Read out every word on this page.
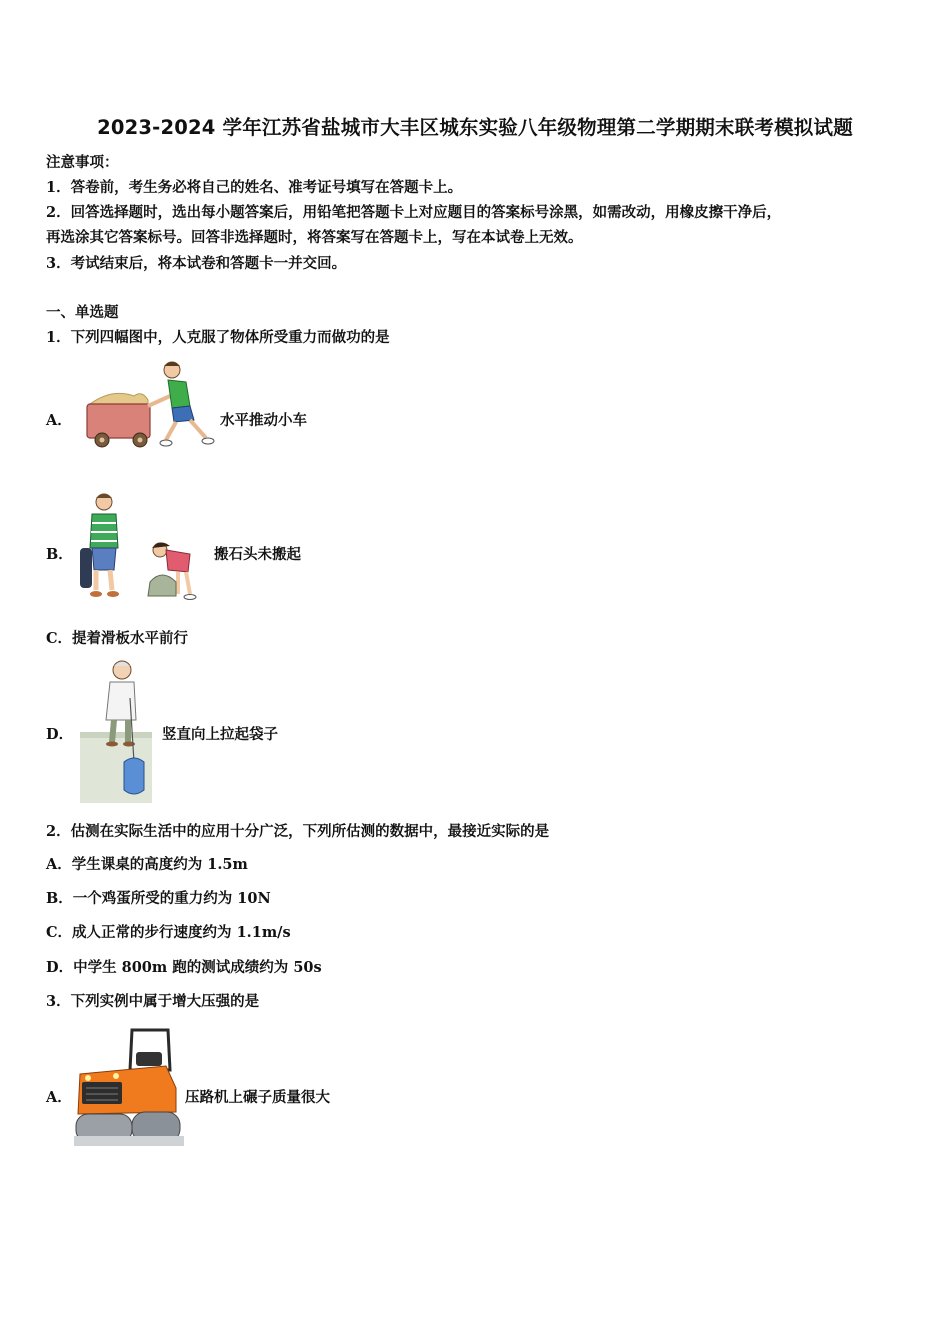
2023-2024 学年江苏省盐城市大丰区城东实验八年级物理第二学期期末联考模拟试题
注意事项：
1．答卷前，考生务必将自己的姓名、准考证号填写在答题卡上。
2．回答选择题时，选出每小题答案后，用铅笔把答题卡上对应题目的答案标号涂黑，如需改动，用橡皮擦干净后，
再选涂其它答案标号。回答非选择题时，将答案写在答题卡上，写在本试卷上无效。
3．考试结束后，将本试卷和答题卡一并交回。
一、单选题
1．下列四幅图中，人克服了物体所受重力而做功的是
A．	水平推动小车
B．	搬石头未搬起
C．提着滑板水平前行
D．	竖直向上拉起袋子
2．估测在实际生活中的应用十分广泛，下列所估测的数据中，最接近实际的是
A．学生课桌的高度约为 1.5m
B．一个鸡蛋所受的重力约为 10N
C．成人正常的步行速度约为 1.1m/s
D．中学生 800m 跑的测试成绩约为 50s
3．下列实例中属于增大压强的是
A．	压路机上碾子质量很大
